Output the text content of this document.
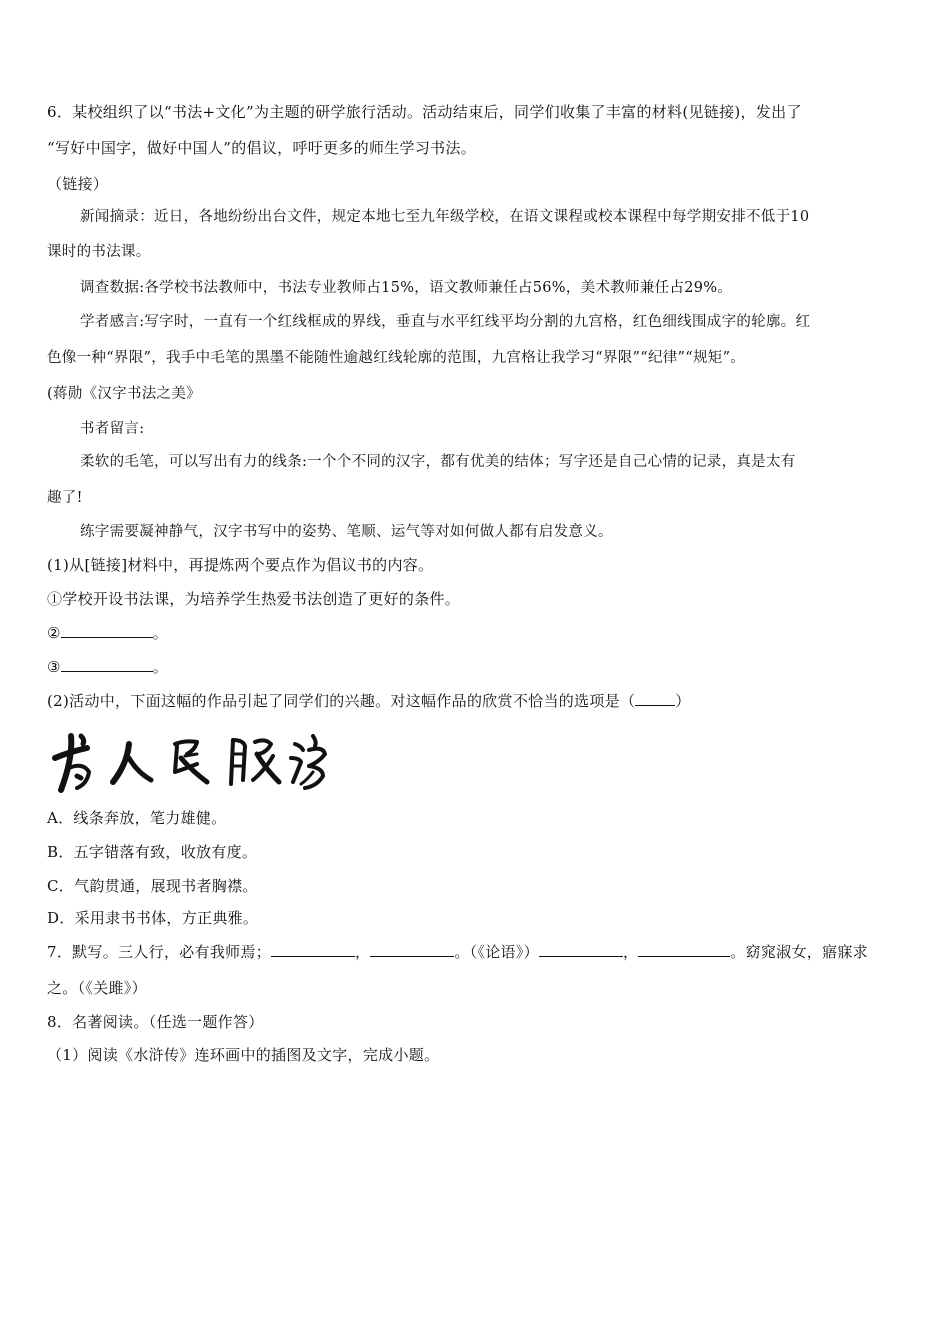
6．某校组织了以“书法+文化”为主题的研学旅行活动。活动结束后，同学们收集了丰富的材料(见链接)，发出了
“写好中国字，做好中国人”的倡议，呼吁更多的师生学习书法。
（链接）
新闻摘录：近日，各地纷纷出台文件，规定本地七至九年级学校，在语文课程或校本课程中每学期安排不低于10
课时的书法课。
调查数据:各学校书法教师中，书法专业教师占15%，语文教师兼任占56%，美术教师兼任占29%。
学者感言:写字时，一直有一个红线框成的界线，垂直与水平红线平均分割的九宫格，红色细线围成字的轮廓。红
色像一种“界限”，我手中毛笔的黑墨不能随性逾越红线轮廓的范围，九宫格让我学习“界限”“纪律”“规矩”。
(蒋勋《汉字书法之美》
书者留言:
柔软的毛笔，可以写出有力的线条:一个个不同的汉字，都有优美的结体；写字还是自己心情的记录，真是太有
趣了!
练字需要凝神静气，汉字书写中的姿势、笔顺、运气等对如何做人都有启发意义。
(1)从[链接]材料中，再提炼两个要点作为倡议书的内容。
①学校开设书法课，为培养学生热爱书法创造了更好的条件。
②	。
③	。
(2)活动中，下面这幅的作品引起了同学们的兴趣。对这幅作品的欣赏不恰当的选项是（	）
A．线条奔放，笔力雄健。
B．五字错落有致，收放有度。
C．气韵贯通，展现书者胸襟。
D．采用隶书书体，方正典雅。
7．默写。三人行，必有我师焉；	，	。（《论语》）	，	。窈窕淑女，寤寐求
之。（《关雎》）
8．名著阅读。（任选一题作答）
（1）阅读《水浒传》连环画中的插图及文字，完成小题。
